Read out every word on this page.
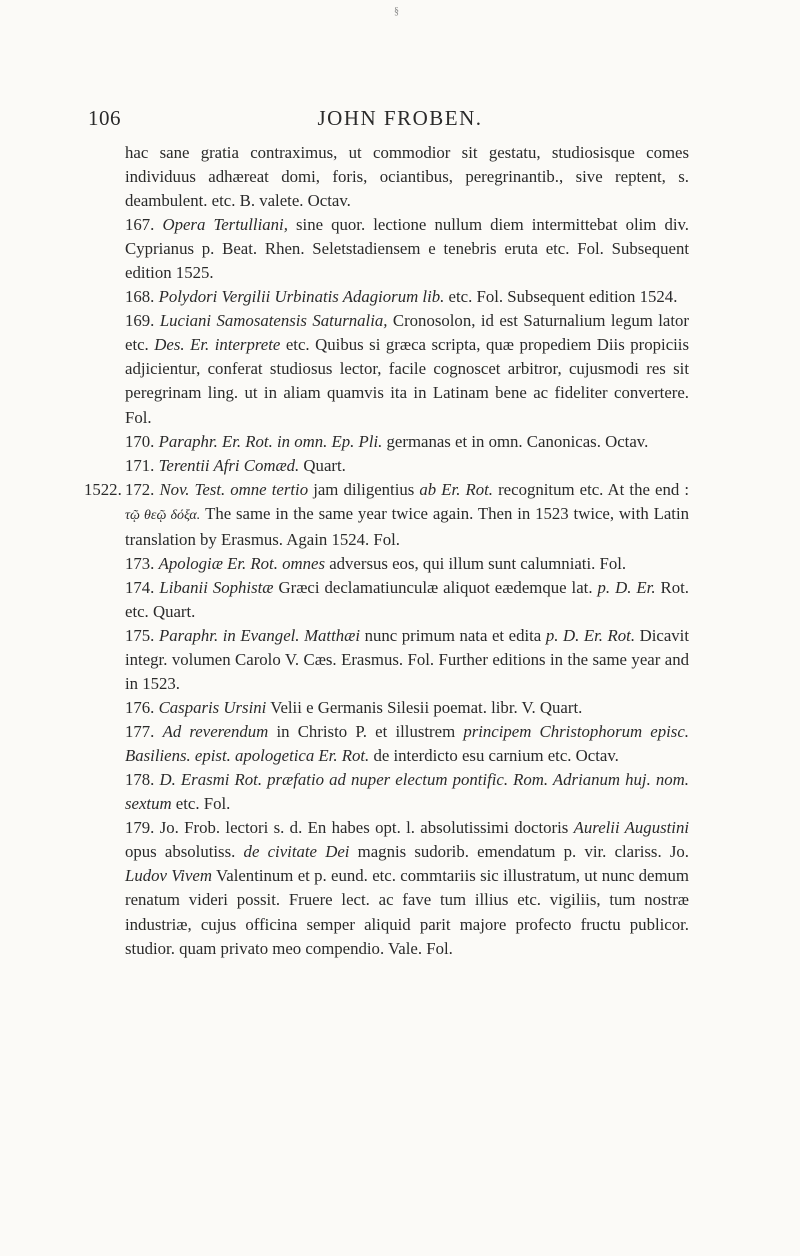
§
106	JOHN FROBEN.

hac sane gratia contraximus, ut commodior sit gestatu, studiosisque comes individuus adhæreat domi, foris, ociantibus, peregrinantib., sive reptent, s. deambulent. etc. B. valete. Octav.

167. Opera Tertulliani, sine quor. lectione nullum diem intermittebat olim div. Cyprianus p. Beat. Rhen. Seletstadiensem e tenebris eruta etc. Fol. Subsequent edition 1525.

168. Polydori Vergilii Urbinatis Adagiorum lib. etc. Fol. Subsequent edition 1524.

169. Luciani Samosatensis Saturnalia, Cronosolon, id est Saturnalium legum lator etc. Des. Er. interprete etc. Quibus si græca scripta, quæ propediem Diis propiciis adjicientur, conferat studiosus lector, facile cognoscet arbitror, cujusmodi res sit peregrinam ling. ut in aliam quamvis ita in Latinam bene ac fideliter convertere. Fol.

170. Paraphr. Er. Rot. in omn. Ep. Pli. germanas et in omn. Canonicas. Octav.

171. Terentii Afri Comæd. Quart.

1522. 172. Nov. Test. omne tertio jam diligentius ab Er. Rot. recognitum etc. At the end : τῷ θεῷ δόξα. The same in the same year twice again. Then in 1523 twice, with Latin translation by Erasmus. Again 1524. Fol.

173. Apologiæ Er. Rot. omnes adversus eos, qui illum sunt calumniati. Fol.

174. Libanii Sophistæ Græci declamatiunculæ aliquot eædemque lat. p. D. Er. Rot. etc. Quart.

175. Paraphr. in Evangel. Matthæi nunc primum nata et edita p. D. Er. Rot. Dicavit integr. volumen Carolo V. Cæs. Erasmus. Fol. Further editions in the same year and in 1523.

176. Casparis Ursini Velii e Germanis Silesii poemat. libr. V. Quart.

177. Ad reverendum in Christo P. et illustrem principem Christophorum episc. Basiliens. epist. apologetica Er. Rot. de interdicto esu carnium etc. Octav.

178. D. Erasmi Rot. præfatio ad nuper electum pontific. Rom. Adrianum huj. nom. sextum etc. Fol.

179. Jo. Frob. lectori s. d. En habes opt. l. absolutissimi doctoris Aurelii Augustini opus absolutiss. de civitate Dei magnis sudorib. emendatum p. vir. clariss. Jo. Ludov Vivem Valentinum et p. eund. etc. commtariis sic illustratum, ut nunc demum renatum videri possit. Fruere lect. ac fave tum illius etc. vigiliis, tum nostræ industriæ, cujus officina semper aliquid parit majore profecto fructu publicor. studior. quam privato meo compendio. Vale. Fol.
